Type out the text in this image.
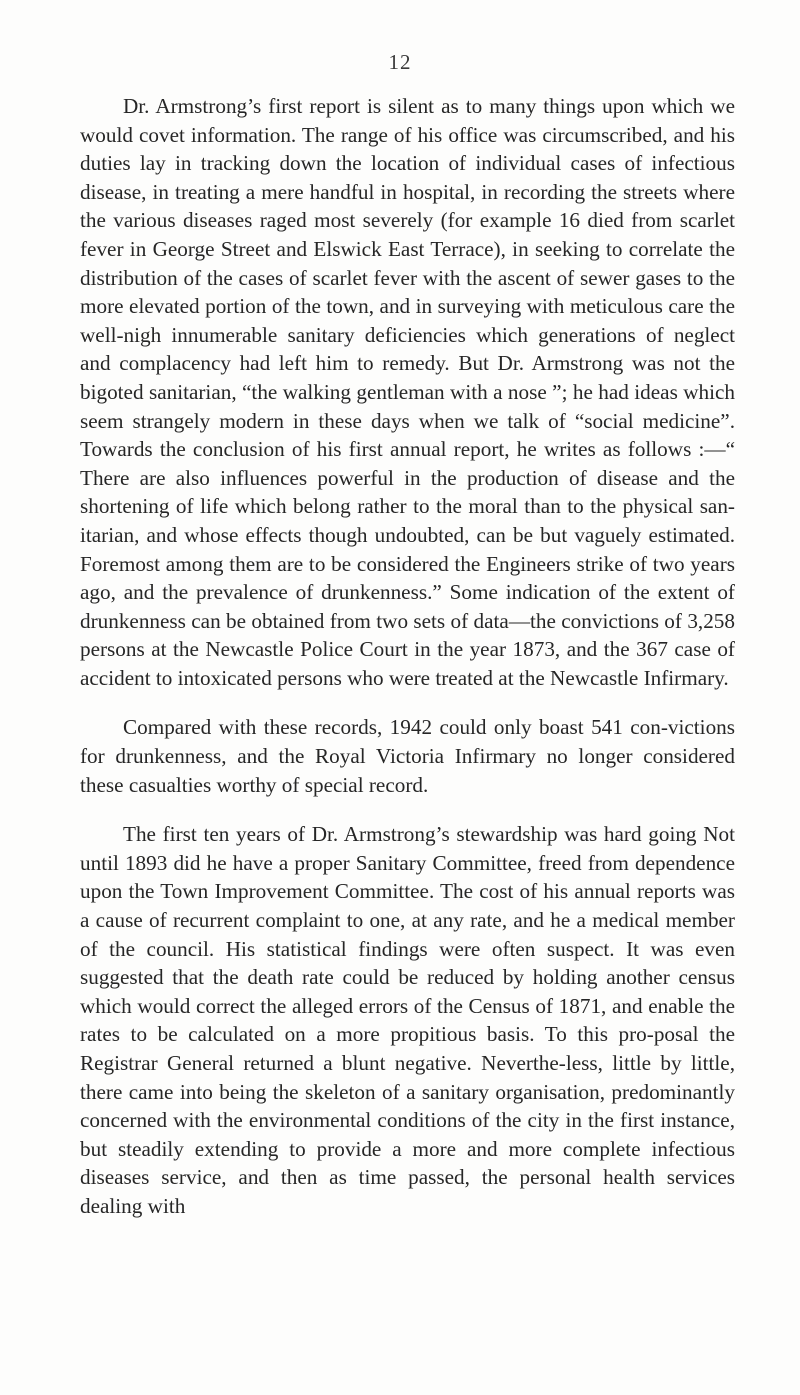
12

Dr. Armstrong’s first report is silent as to many things upon which we would covet information. The range of his office was circumscribed, and his duties lay in tracking down the location of individual cases of infectious disease, in treating a mere handful in hospital, in recording the streets where the various diseases raged most severely (for example 16 died from scarlet fever in George Street and Elswick East Terrace), in seeking to correlate the distribution of the cases of scarlet fever with the ascent of sewer gases to the more elevated portion of the town, and in surveying with meticulous care the well-nigh innumerable sanitary deficiencies which generations of neglect and complacency had left him to remedy. But Dr. Armstrong was not the bigoted sanitarian, “the walking gentleman with a nose ”; he had ideas which seem strangely modern in these days when we talk of “social medicine”. Towards the conclusion of his first annual report, he writes as follows :—“ There are also influences powerful in the production of disease and the shortening of life which belong rather to the moral than to the physical san-itarian, and whose effects though undoubted, can be but vaguely estimated. Foremost among them are to be considered the Engineers strike of two years ago, and the prevalence of drunkenness.” Some indication of the extent of drunkenness can be obtained from two sets of data—the convictions of 3,258 persons at the Newcastle Police Court in the year 1873, and the 367 case of accident to intoxicated persons who were treated at the Newcastle Infirmary.

Compared with these records, 1942 could only boast 541 con-victions for drunkenness, and the Royal Victoria Infirmary no longer considered these casualties worthy of special record.

The first ten years of Dr. Armstrong’s stewardship was hard going Not until 1893 did he have a proper Sanitary Committee, freed from dependence upon the Town Improvement Committee. The cost of his annual reports was a cause of recurrent complaint to one, at any rate, and he a medical member of the council. His statistical findings were often suspect. It was even suggested that the death rate could be reduced by holding another census which would correct the alleged errors of the Census of 1871, and enable the rates to be calculated on a more propitious basis. To this pro-posal the Registrar General returned a blunt negative. Neverthe-less, little by little, there came into being the skeleton of a sanitary organisation, predominantly concerned with the environmental conditions of the city in the first instance, but steadily extending to provide a more and more complete infectious diseases service, and then as time passed, the personal health services dealing with
